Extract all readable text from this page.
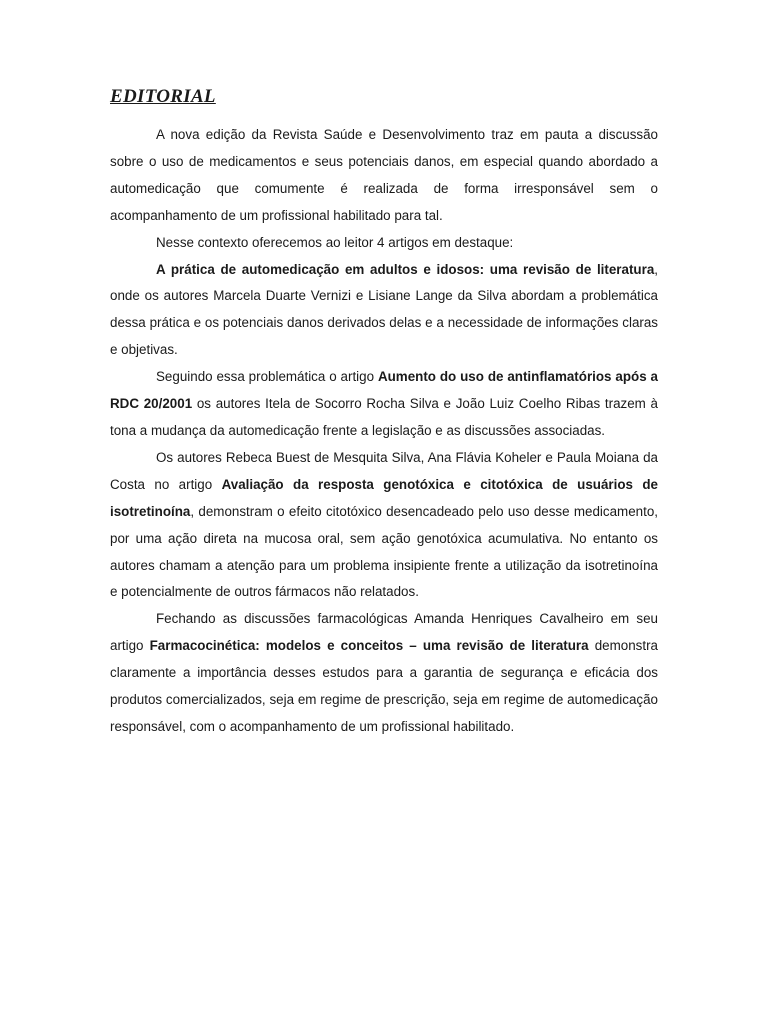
EDITORIAL

A nova edição da Revista Saúde e Desenvolvimento traz em pauta a discussão sobre o uso de medicamentos e seus potenciais danos, em especial quando abordado a automedicação que comumente é realizada de forma irresponsável sem o acompanhamento de um profissional habilitado para tal.

Nesse contexto oferecemos ao leitor 4 artigos em destaque:

A prática de automedicação em adultos e idosos: uma revisão de literatura, onde os autores Marcela Duarte Vernizi e Lisiane Lange da Silva abordam a problemática dessa prática e os potenciais danos derivados delas e a necessidade de informações claras e objetivas.

Seguindo essa problemática o artigo Aumento do uso de antinflamatórios após a RDC 20/2001 os autores Itela de Socorro Rocha Silva e João Luiz Coelho Ribas trazem à tona a mudança da automedicação frente a legislação e as discussões associadas.

Os autores Rebeca Buest de Mesquita Silva, Ana Flávia Koheler e Paula Moiana da Costa no artigo Avaliação da resposta genotóxica e citotóxica de usuários de isotretinoína, demonstram o efeito citotóxico desencadeado pelo uso desse medicamento, por uma ação direta na mucosa oral, sem ação genotóxica acumulativa. No entanto os autores chamam a atenção para um problema insipiente frente a utilização da isotretinoína e potencialmente de outros fármacos não relatados.

Fechando as discussões farmacológicas Amanda Henriques Cavalheiro em seu artigo Farmacocinética: modelos e conceitos – uma revisão de literatura demonstra claramente a importância desses estudos para a garantia de segurança e eficácia dos produtos comercializados, seja em regime de prescrição, seja em regime de automedicação responsável, com o acompanhamento de um profissional habilitado.
